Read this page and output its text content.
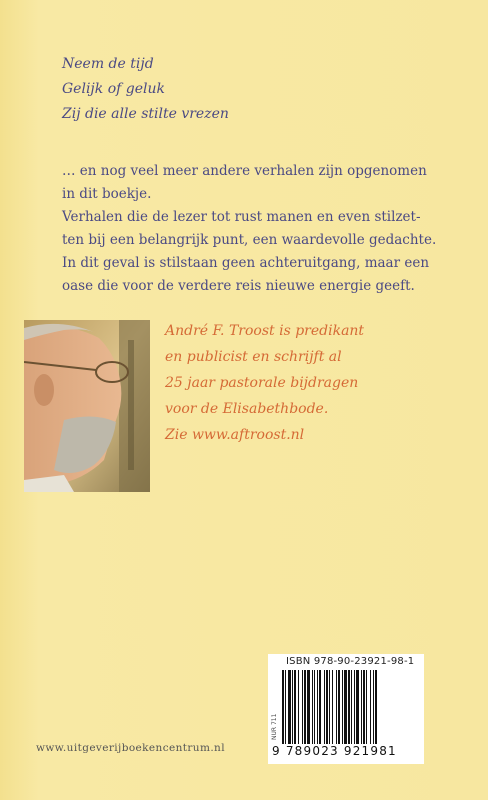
Neem de tijd
Gelijk of geluk
Zij die alle stilte vrezen
… en nog veel meer andere verhalen zijn opgenomen
in dit boekje.
Verhalen die de lezer tot rust manen en even stilzet-
ten bij een belangrijk punt, een waardevolle gedachte.
In dit geval is stilstaan geen achteruitgang, maar een
oase die voor de verdere reis nieuwe energie geeft.
André F. Troost is predikant
en publicist en schrijft al
25 jaar pastorale bijdragen
voor de Elisabethbode.
Zie www.aftroost.nl
ISBN 978-90-23921-98-1
NUR 711
9 789023 921981
www.uitgeverijboekencentrum.nl
